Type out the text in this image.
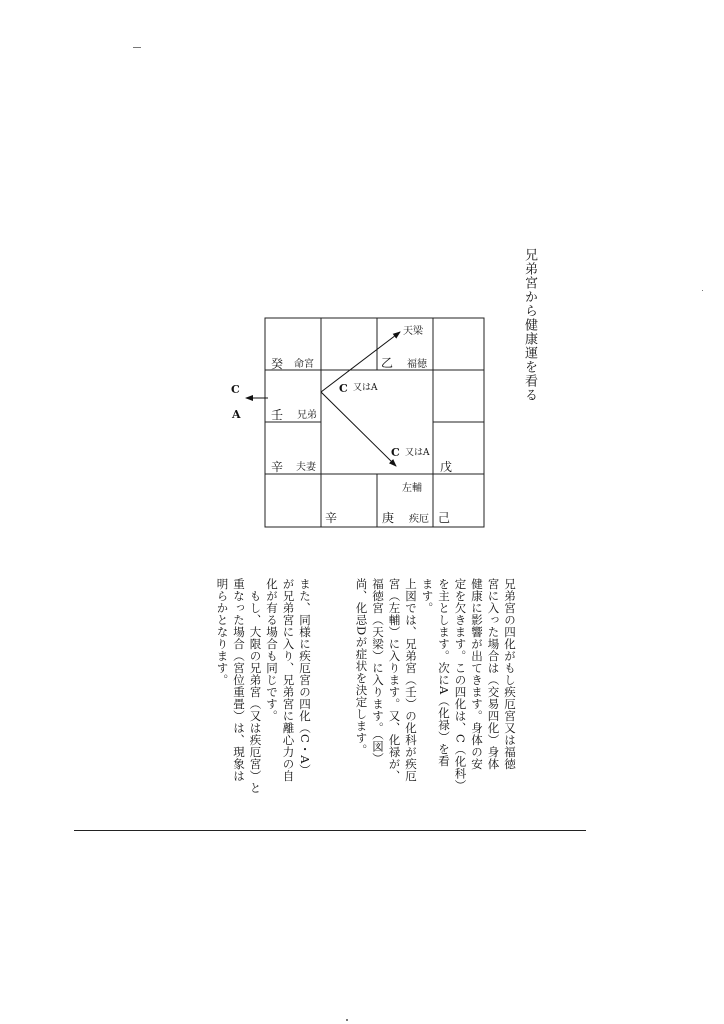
兄弟宮から健康運を看る
癸 命宮
壬 兄弟
辛 夫妻
乙 福徳
戊
辛	庚 疾厄 己
天梁
左輔
C 又はA
C 又はA
C
A
兄弟宮の四化がもし疾厄宮又は福徳
宮に入った場合は（交易四化）身体
健康に影響が出てきます。身体の安
定を欠きます。この四化は、C（化科）
を主とします。次にA（化禄）を看
ます。
上図では、兄弟宮（壬）の化科が疾厄
宮（左輔）に入ります。又、化禄が、
福徳宮（天梁）に入ります。（図）
尚、化忌Dが症状を決定します。
また、同様に疾厄宮の四化（C・A）
が兄弟宮に入り、兄弟宮に離心力の自
化が有る場合も同じです。
　もし、大限の兄弟宮（又は疾厄宮）と
重なった場合（宮位重畳）は、現象は
明らかとなります。
